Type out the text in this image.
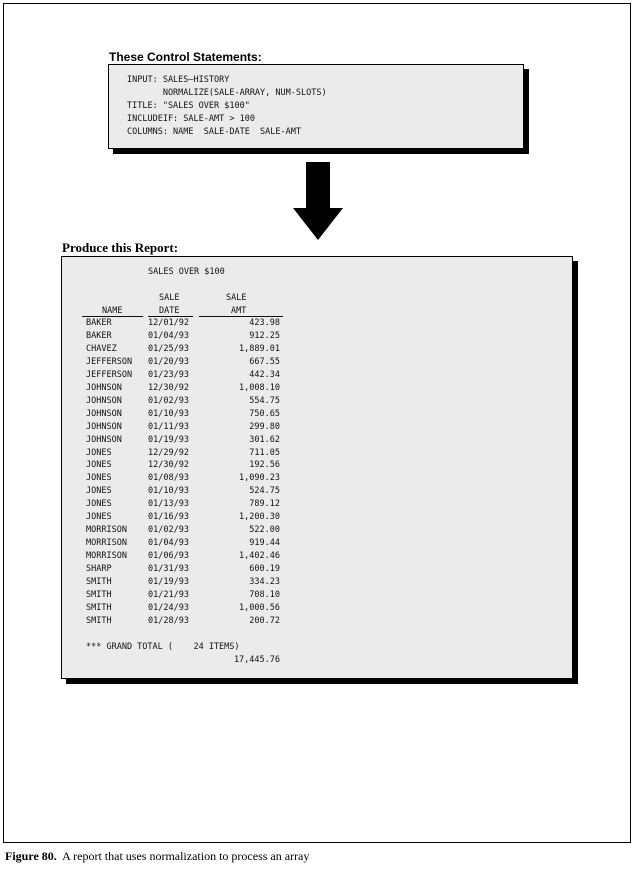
These Control Statements:
INPUT: SALES—HISTORY
NORMALIZE(SALE-ARRAY, NUM-SLOTS)
TITLE: "SALES OVER $100"
INCLUDEIF: SALE-AMT > 100
COLUMNS: NAME  SALE-DATE  SALE-AMT
Produce this Report:
SALES OVER $100
SALE	SALE
NAME	DATE	AMT
BAKER	12/01/92	423.98
BAKER	01/04/93	912.25
CHAVEZ	01/25/93	1,889.01
JEFFERSON 01/20/93	667.55
JEFFERSON 01/23/93	442.34
JOHNSON	12/30/92	1,008.10
JOHNSON	01/02/93	554.75
JOHNSON	01/10/93	750.65
JOHNSON	01/11/93	299.80
JOHNSON	01/19/93	301.62
JONES	12/29/92	711.05
JONES	12/30/92	192.56
JONES	01/08/93	1,090.23
JONES	01/10/93	524.75
JONES	01/13/93	789.12
JONES	01/16/93	1,200.30
MORRISON 01/02/93	522.00
MORRISON 01/04/93	919.44
MORRISON 01/06/93	1,402.46
SHARP	01/31/93	600.19
SMITH	01/19/93	334.23
SMITH	01/21/93	708.10
SMITH	01/24/93	1,000.56
SMITH	01/28/93	200.72
*** GRAND TOTAL (    24 ITEMS)
17,445.76
Figure 80. A report that uses normalization to process an array
